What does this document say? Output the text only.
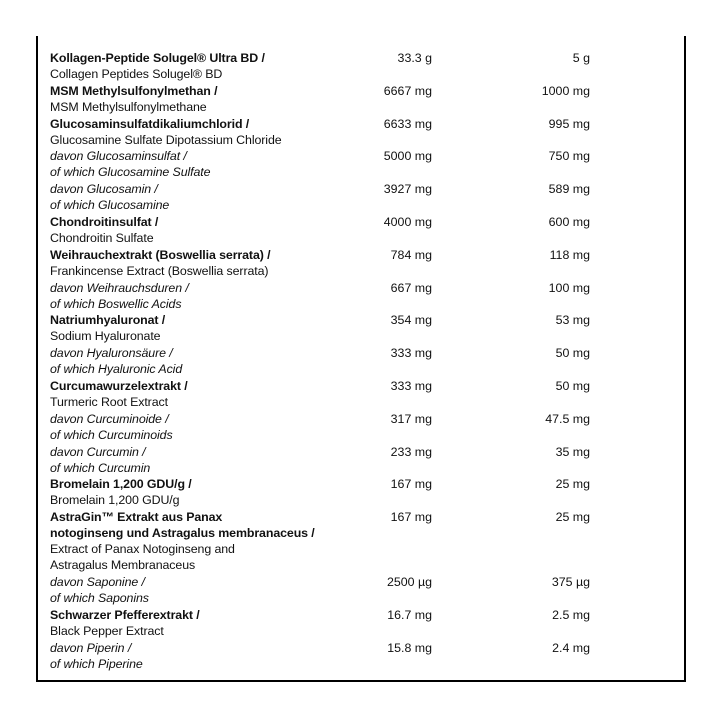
Kollagen-Peptide Solugel® Ultra BD /
Collagen Peptides Solugel® BD
33.3 g	5 g
MSM Methylsulfonylmethan /
MSM Methylsulfonylmethane
6667 mg	1000 mg
Glucosaminsulfatdikaliumchlorid /
Glucosamine Sulfate Dipotassium Chloride
6633 mg	995 mg
davon Glucosaminsulfat /
of which Glucosamine Sulfate
5000 mg	750 mg
davon Glucosamin /
of which Glucosamine
3927 mg	589 mg
Chondroitinsulfat /
Chondroitin Sulfate
4000 mg	600 mg
Weihrauchextrakt (Boswellia serrata) /
Frankincense Extract (Boswellia serrata)
784 mg	118 mg
davon Weihrauchsduren /
of which Boswellic Acids
667 mg	100 mg
Natriumhyaluronat /
Sodium Hyaluronate
354 mg	53 mg
davon Hyaluronsäure /
of which Hyaluronic Acid
333 mg	50 mg
Curcumawurzelextrakt /
Turmeric Root Extract
333 mg	50 mg
davon Curcuminoide /
of which Curcuminoids
317 mg	47.5 mg
davon Curcumin /
of which Curcumin
233 mg	35 mg
Bromelain 1,200 GDU/g /
Bromelain 1,200 GDU/g
167 mg	25 mg
AstraGin™ Extrakt aus Panax
notoginseng und Astragalus membranaceus /
Extract of Panax Notoginseng and
Astragalus Membranaceus
167 mg	25 mg
davon Saponine /
of which Saponins
2500 µg	375 µg
Schwarzer Pfefferextrakt /
Black Pepper Extract
16.7 mg	2.5 mg
davon Piperin /
of which Piperine
15.8 mg	2.4 mg
